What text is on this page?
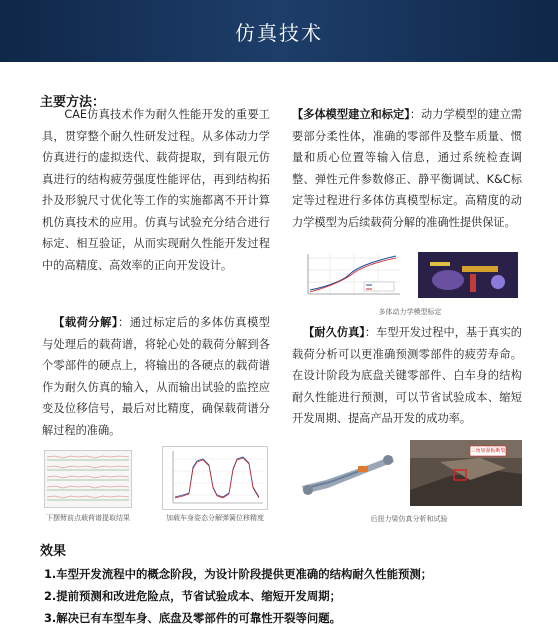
仿真技术
主要方法：

CAE仿真技术作为耐久性能开发的重要工具，贯穿整个耐久性研发过程。从多体动力学仿真进行的虚拟迭代、载荷提取，到有限元仿真进行的结构疲劳强度性能评估，再到结构拓扑及形貌尺寸优化等工作的实施都离不开计算机仿真技术的应用。仿真与试验充分结合进行标定、相互验证，从而实现耐久性能开发过程中的高精度、高效率的正向开发设计。

【载荷分解】：通过标定后的多体仿真模型与处理后的载荷谱，将轮心处的载荷分解到各个零部件的硬点上，将输出的各硬点的载荷谱作为耐久仿真的输入，从而输出试验的监控应变及位移信号，最后对比精度，确保载荷谱分解过程的准确。

【多体模型建立和标定】：动力学模型的建立需要部分柔性体，准确的零部件及整车质量、惯量和质心位置等输入信息，通过系统检查调整、弹性元件参数修正、静平衡调试、K&C标定等过程进行多体仿真模型标定。高精度的动力学模型为后续载荷分解的准确性提供保证。

多体动力学模型标定

【耐久仿真】：车型开发过程中，基于真实的载荷分析可以更准确预测零部件的疲劳寿命。在设计阶段为底盘关键零部件、白车身的结构耐久性能进行预测，可以节省试验成本、缩短开发周期、提高产品开发的成功率。

下摆臂前点载荷谱提取结果	加载车身姿态分解弹簧位移精度
三角加强板断裂
后扭力梁仿真分析和试验
效果
1.车型开发流程中的概念阶段，为设计阶段提供更准确的结构耐久性能预测；
2.提前预测和改进危险点，节省试验成本、缩短开发周期；
3.解决已有车型车身、底盘及零部件的可靠性开裂等问题。
